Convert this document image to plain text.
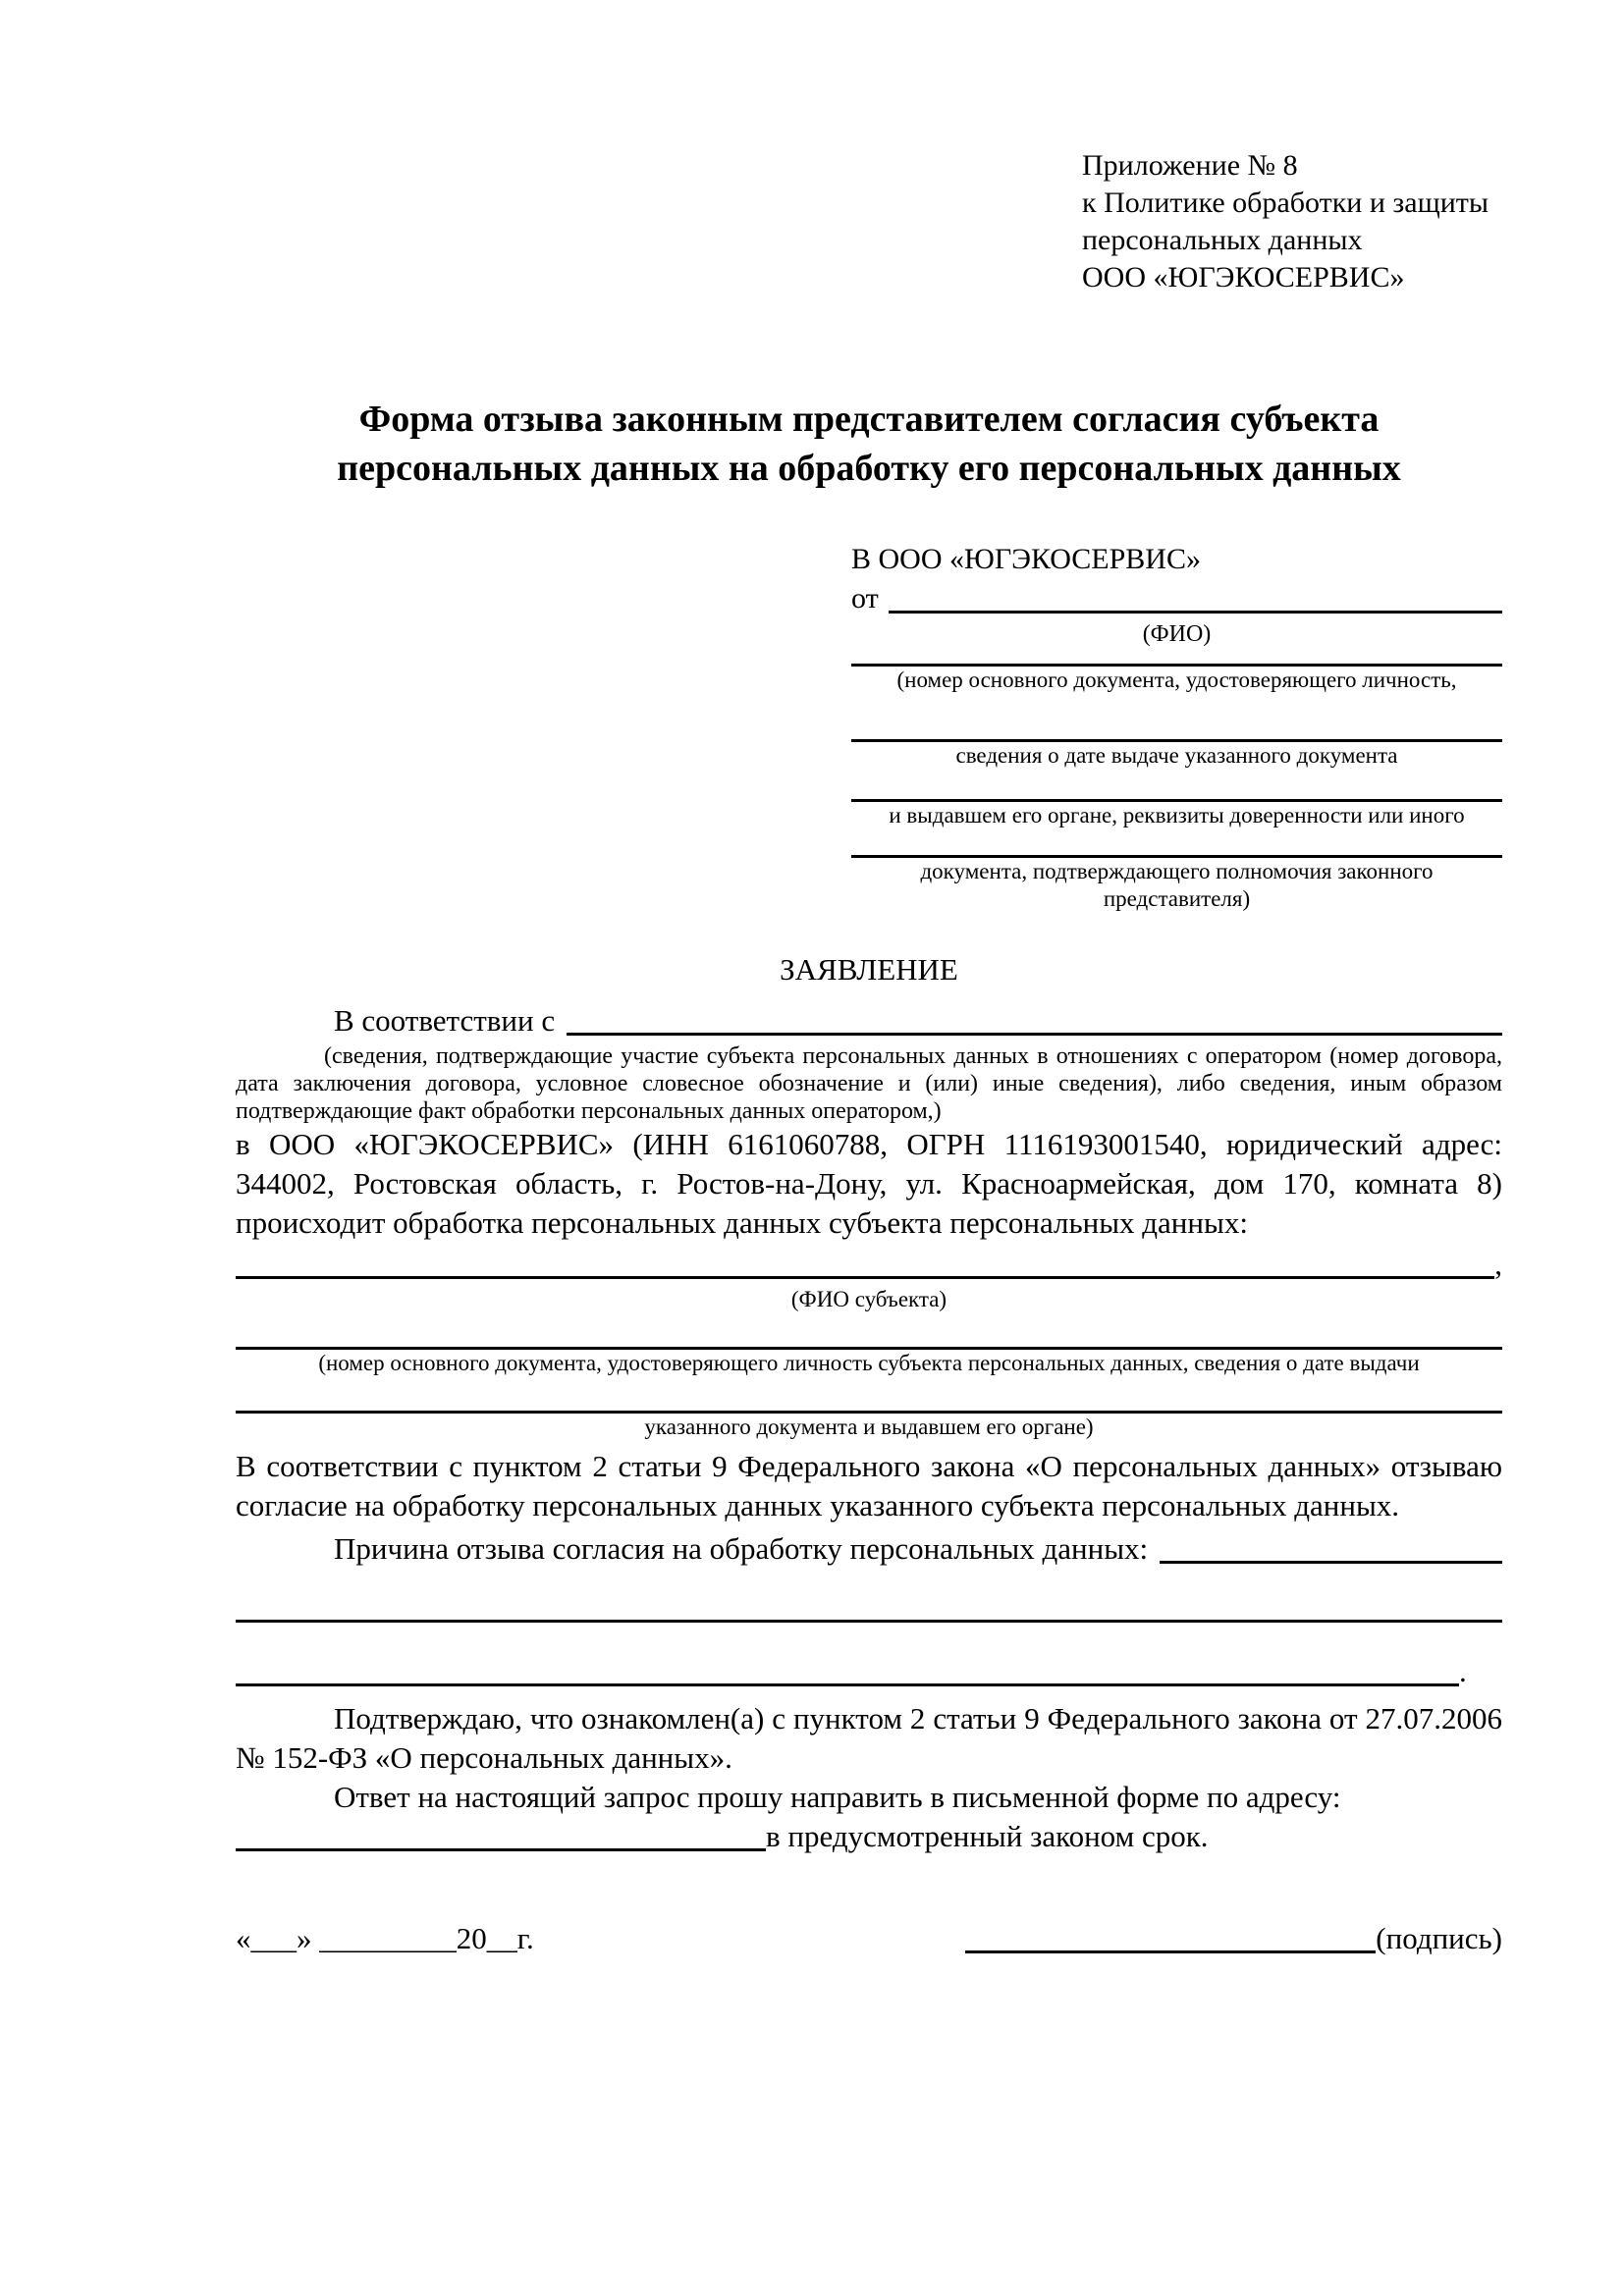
Приложение № 8
к Политике обработки и защиты
персональных данных
ООО «ЮГЭКОСЕРВИС»
Форма отзыва законным представителем согласия субъекта
персональных данных на обработку его персональных данных
В ООО «ЮГЭКОСЕРВИС»
от
(ФИО)
(номер основного документа, удостоверяющего личность,
сведения о дате выдаче указанного документа
и выдавшем его органе, реквизиты доверенности или иного
документа, подтверждающего полномочия законного представителя)
ЗАЯВЛЕНИЕ
В соответствии с
(сведения, подтверждающие участие субъекта персональных данных в отношениях с оператором (номер договора, дата заключения договора, условное словесное обозначение и (или) иные сведения), либо сведения, иным образом подтверждающие факт обработки персональных данных оператором,)

в ООО «ЮГЭКОСЕРВИС» (ИНН 6161060788, ОГРН 1116193001540, юридический адрес: 344002, Ростовская область, г. Ростов-на-Дону, ул. Красноармейская, дом 170, комната 8) происходит обработка персональных данных субъекта персональных данных:

,
(ФИО субъекта)
(номер основного документа, удостоверяющего личность субъекта персональных данных, сведения о дате выдачи
указанного документа и выдавшем его органе)

В соответствии с пунктом 2 статьи 9 Федерального закона «О персональных данных» отзываю согласие на обработку персональных данных указанного субъекта персональных данных.

Причина отзыва согласия на обработку персональных данных:
.

Подтверждаю, что ознакомлен(а) с пунктом 2 статьи 9 Федерального закона от 27.07.2006 № 152-ФЗ «О персональных данных».

Ответ на настоящий запрос прошу направить в письменной форме по адресу:

в предусмотренный законом срок.
«___» _________20__г.	(подпись)
